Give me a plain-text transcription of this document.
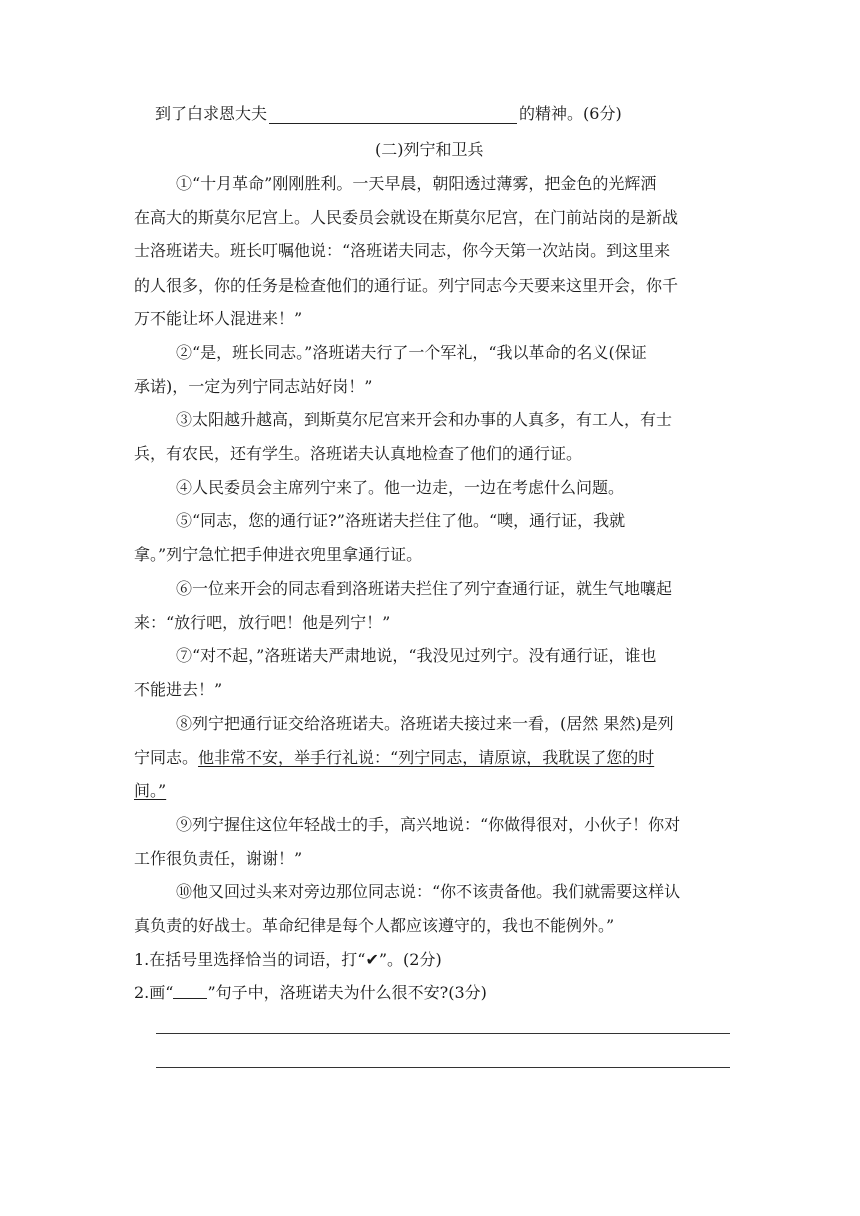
到了白求恩大夫	的精神。(6分)
(二)列宁和卫兵
①“十月革命”刚刚胜利。一天早晨，朝阳透过薄雾，把金色的光辉洒
在高大的斯莫尔尼宫上。人民委员会就设在斯莫尔尼宫，在门前站岗的是新战
士洛班诺夫。班长叮嘱他说：“洛班诺夫同志，你今天第一次站岗。到这里来
的人很多，你的任务是检查他们的通行证。列宁同志今天要来这里开会，你千
万不能让坏人混进来！”
②“是，班长同志。”洛班诺夫行了一个军礼，“我以革命的名义(保证
承诺)，一定为列宁同志站好岗！”
③太阳越升越高，到斯莫尔尼宫来开会和办事的人真多，有工人，有士
兵，有农民，还有学生。洛班诺夫认真地检查了他们的通行证。
④人民委员会主席列宁来了。他一边走，一边在考虑什么问题。
⑤“同志，您的通行证?”洛班诺夫拦住了他。“噢，通行证，我就
拿。”列宁急忙把手伸进衣兜里拿通行证。
⑥一位来开会的同志看到洛班诺夫拦住了列宁查通行证，就生气地嚷起
来：“放行吧，放行吧！他是列宁！”
⑦“对不起，”洛班诺夫严肃地说，“我没见过列宁。没有通行证，谁也
不能进去！”
⑧列宁把通行证交给洛班诺夫。洛班诺夫接过来一看，(居然 果然)是列
宁同志。他非常不安，举手行礼说：“列宁同志，请原谅，我耽误了您的时
间。”
⑨列宁握住这位年轻战士的手，高兴地说：“你做得很对，小伙子！你对
工作很负责任，谢谢！”
⑩他又回过头来对旁边那位同志说：“你不该责备他。我们就需要这样认
真负责的好战士。革命纪律是每个人都应该遵守的，我也不能例外。”
1.在括号里选择恰当的词语，打“✔”。(2分)
2.画“ ”句子中，洛班诺夫为什么很不安?(3分)
